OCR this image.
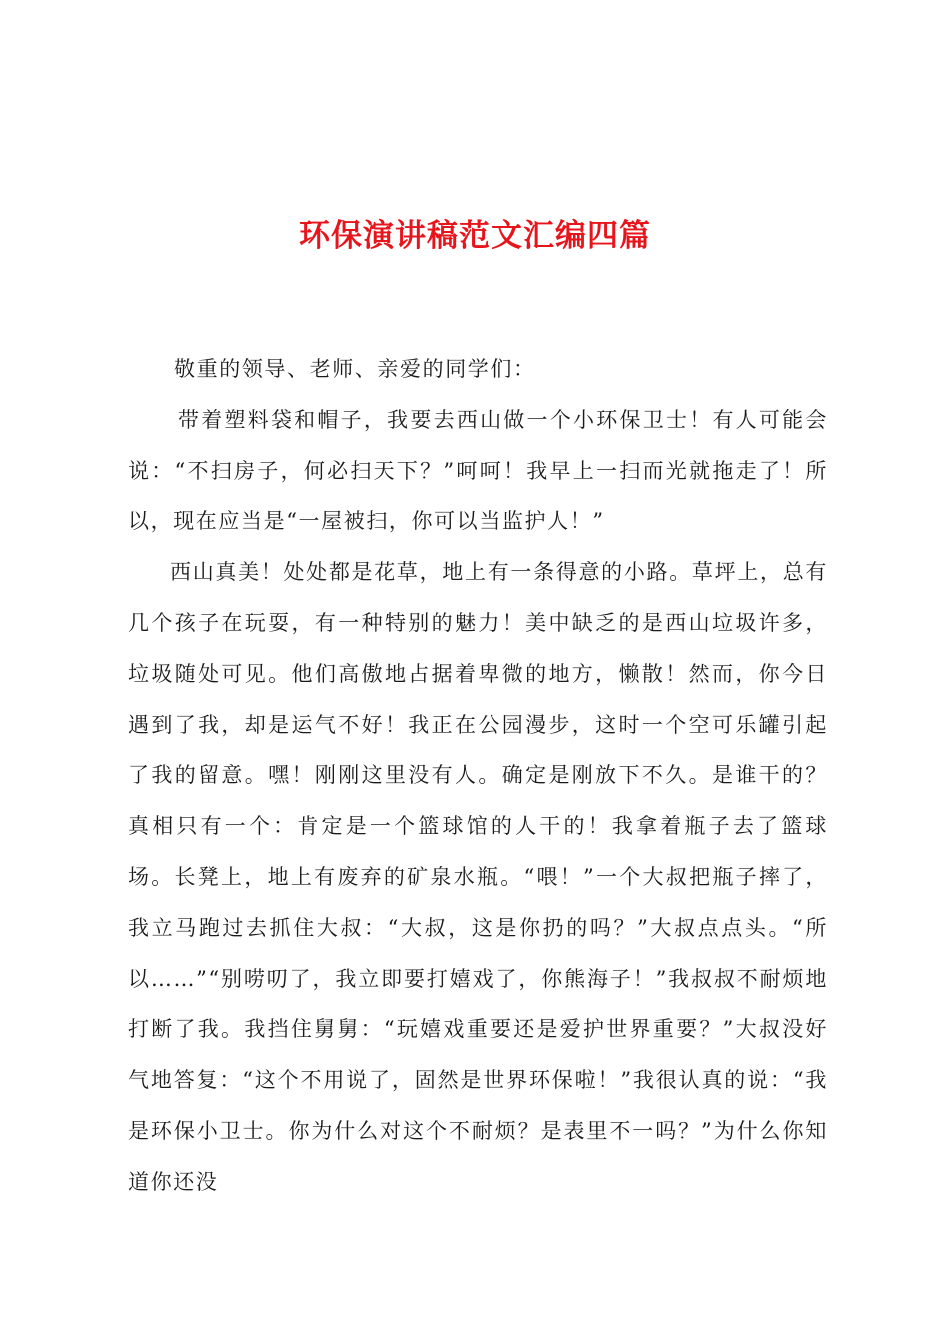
环保演讲稿范文汇编四篇

敬重的领导、老师、亲爱的同学们：

带着塑料袋和帽子，我要去西山做一个小环保卫士！有人可能会说：“不扫房子，何必扫天下？”呵呵！我早上一扫而光就拖走了！所以，现在应当是“一屋被扫，你可以当监护人！”

西山真美！处处都是花草，地上有一条得意的小路。草坪上，总有几个孩子在玩耍，有一种特别的魅力！美中缺乏的是西山垃圾许多，垃圾随处可见。他们高傲地占据着卑微的地方，懒散！然而，你今日遇到了我，却是运气不好！我正在公园漫步，这时一个空可乐罐引起了我的留意。嘿！刚刚这里没有人。确定是刚放下不久。是谁干的？真相只有一个：肯定是一个篮球馆的人干的！我拿着瓶子去了篮球场。长凳上，地上有废弃的矿泉水瓶。“喂！”一个大叔把瓶子摔了，我立马跑过去抓住大叔：“大叔，这是你扔的吗？”大叔点点头。“所以……”“别唠叨了，我立即要打嬉戏了，你熊海子！”我叔叔不耐烦地打断了我。我挡住舅舅：“玩嬉戏重要还是爱护世界重要？”大叔没好气地答复：“这个不用说了，固然是世界环保啦！”我很认真的说：“我是环保小卫士。你为什么对这个不耐烦？是表里不一吗？”为什么你知道你还没
